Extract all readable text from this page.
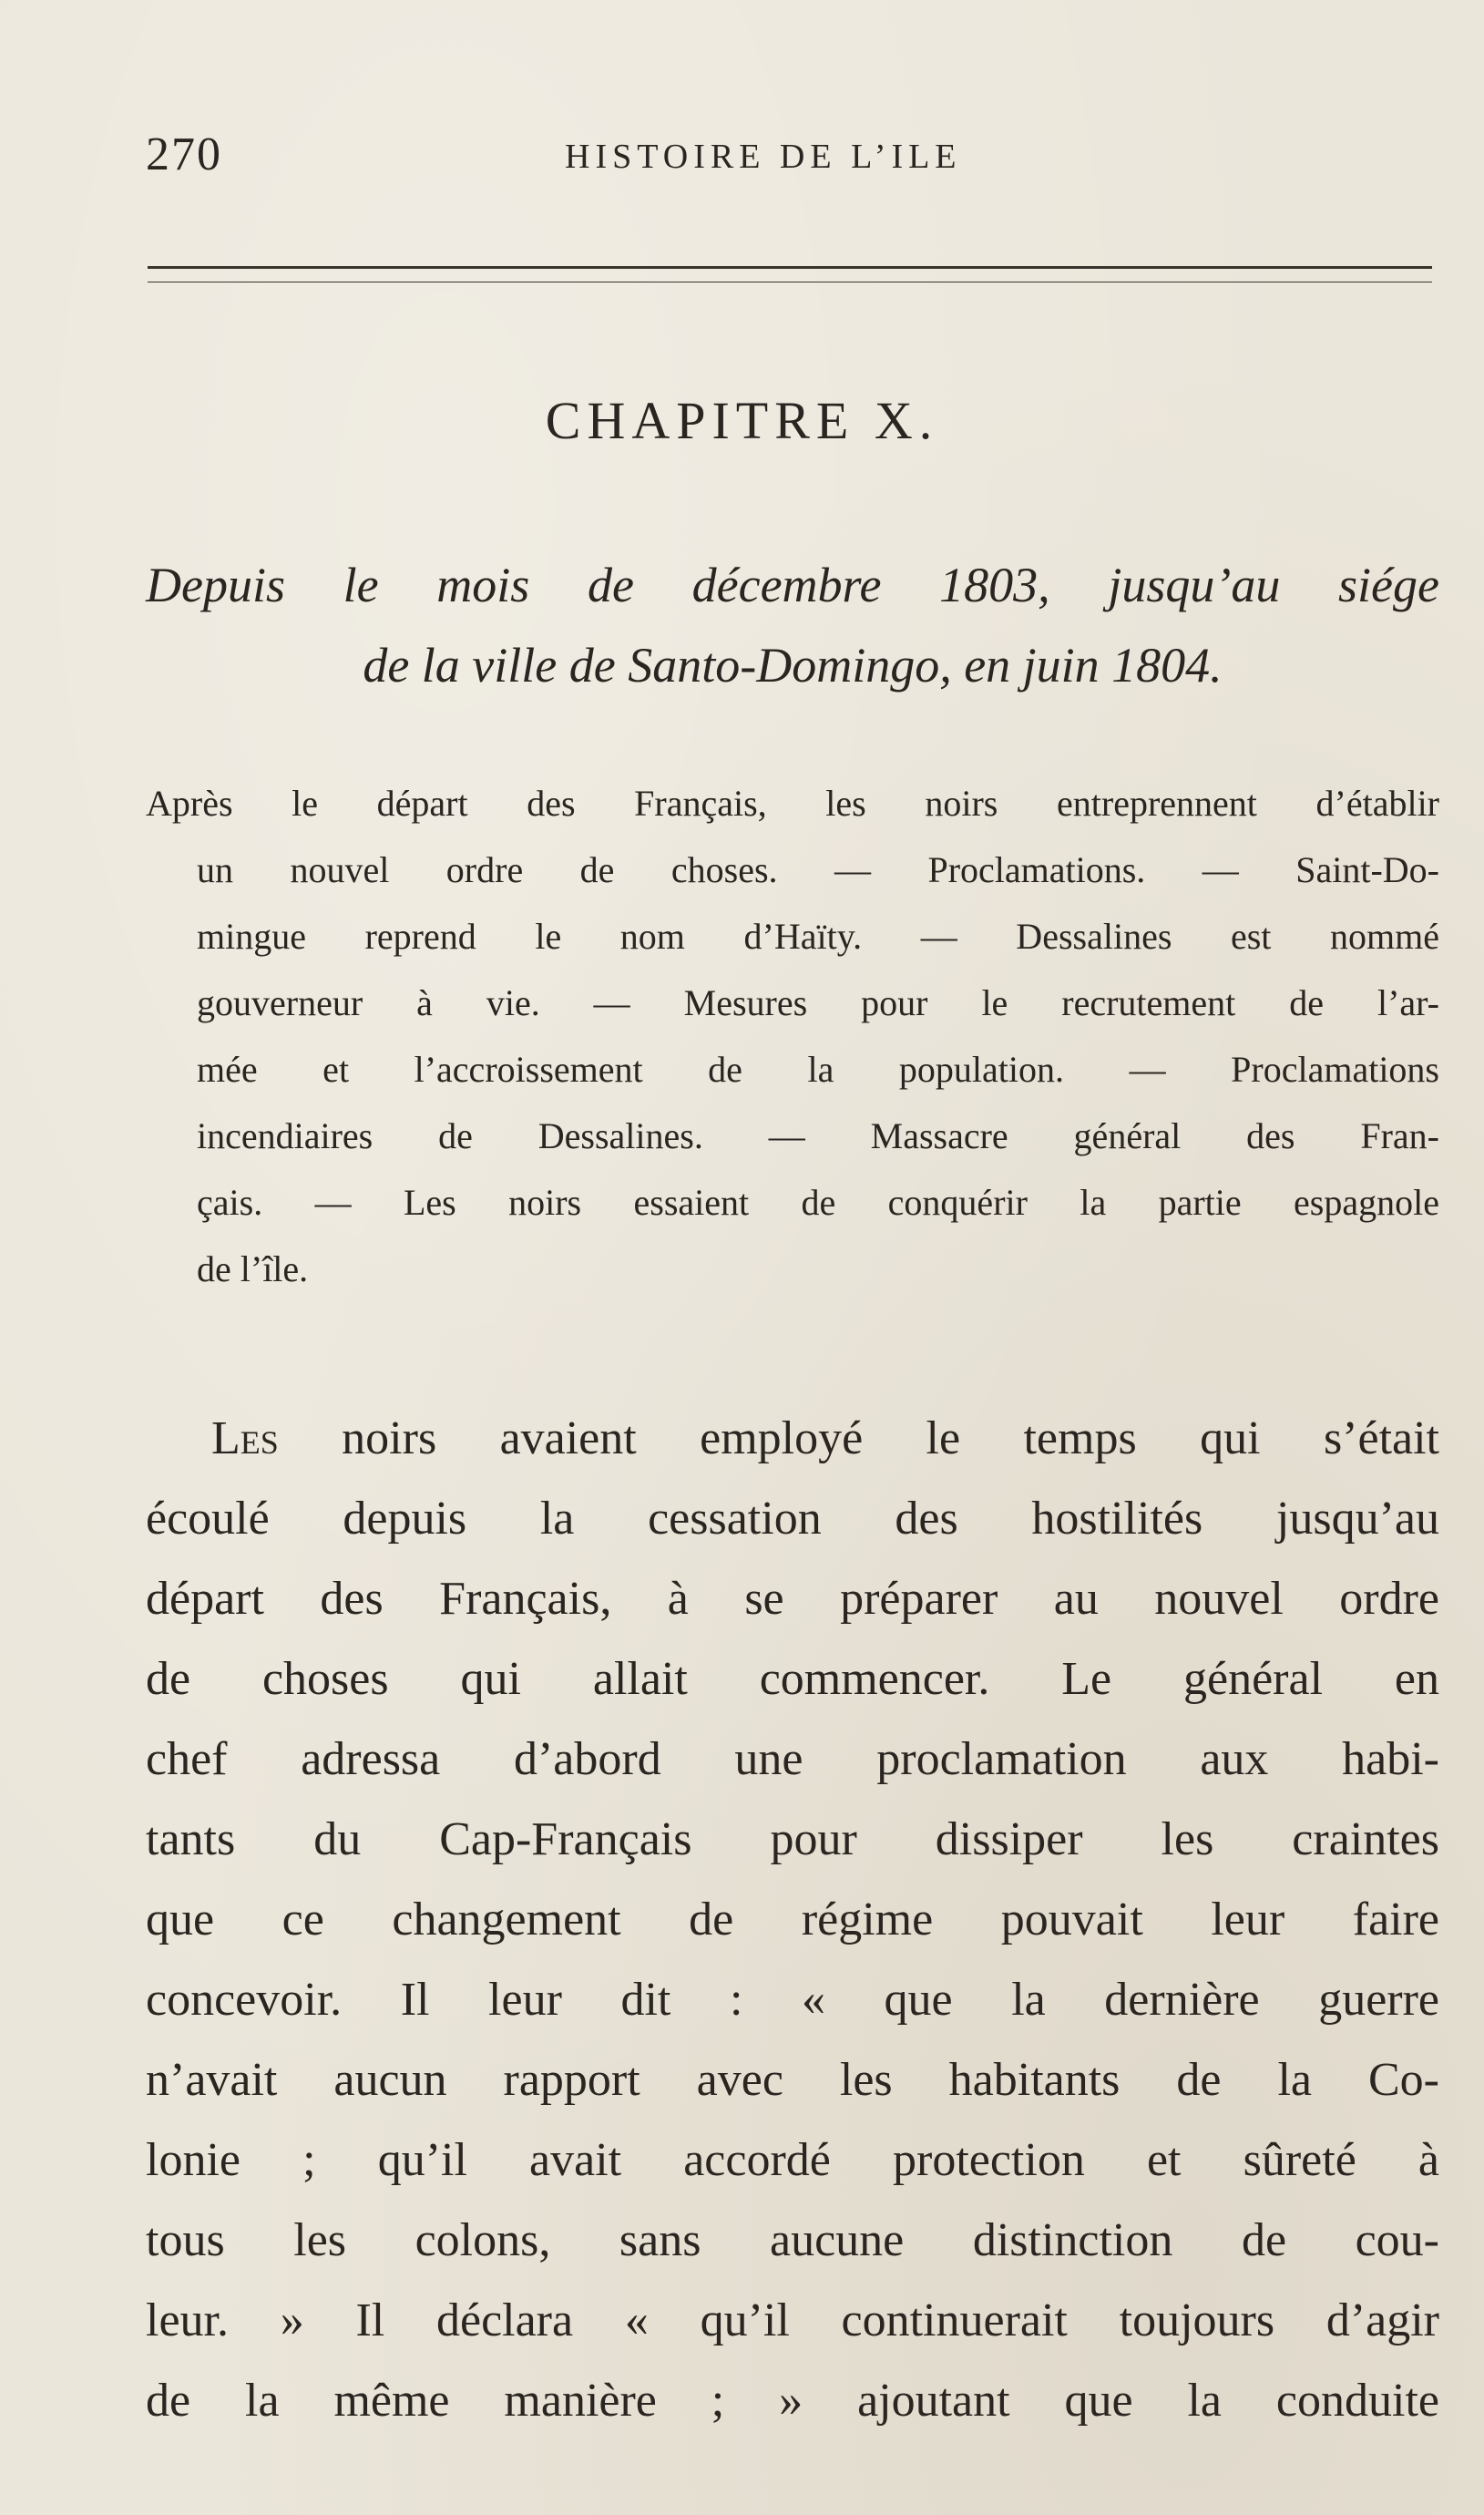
270	HISTOIRE DE L’ILE
CHAPITRE X.
Depuis le mois de décembre 1803, jusqu’au siége
de la ville de Santo-Domingo, en juin 1804.
Après le départ des Français, les noirs entreprennent d’établir
un nouvel ordre de choses. — Proclamations. — Saint-Do-
mingue reprend le nom d’Haïty. — Dessalines est nommé
gouverneur à vie. — Mesures pour le recrutement de l’ar-
mée et l’accroissement de la population. — Proclamations
incendiaires de Dessalines. — Massacre général des Fran-
çais. — Les noirs essaient de conquérir la partie espagnole
de l’île.
Les noirs avaient employé le temps qui s’était
écoulé depuis la cessation des hostilités jusqu’au
départ des Français, à se préparer au nouvel ordre
de choses qui allait commencer. Le général en
chef adressa d’abord une proclamation aux habi-
tants du Cap-Français pour dissiper les craintes
que ce changement de régime pouvait leur faire
concevoir. Il leur dit : « que la dernière guerre
n’avait aucun rapport avec les habitants de la Co-
lonie ; qu’il avait accordé protection et sûreté à
tous les colons, sans aucune distinction de cou-
leur. » Il déclara « qu’il continuerait toujours d’agir
de la même manière ; » ajoutant que la conduite
